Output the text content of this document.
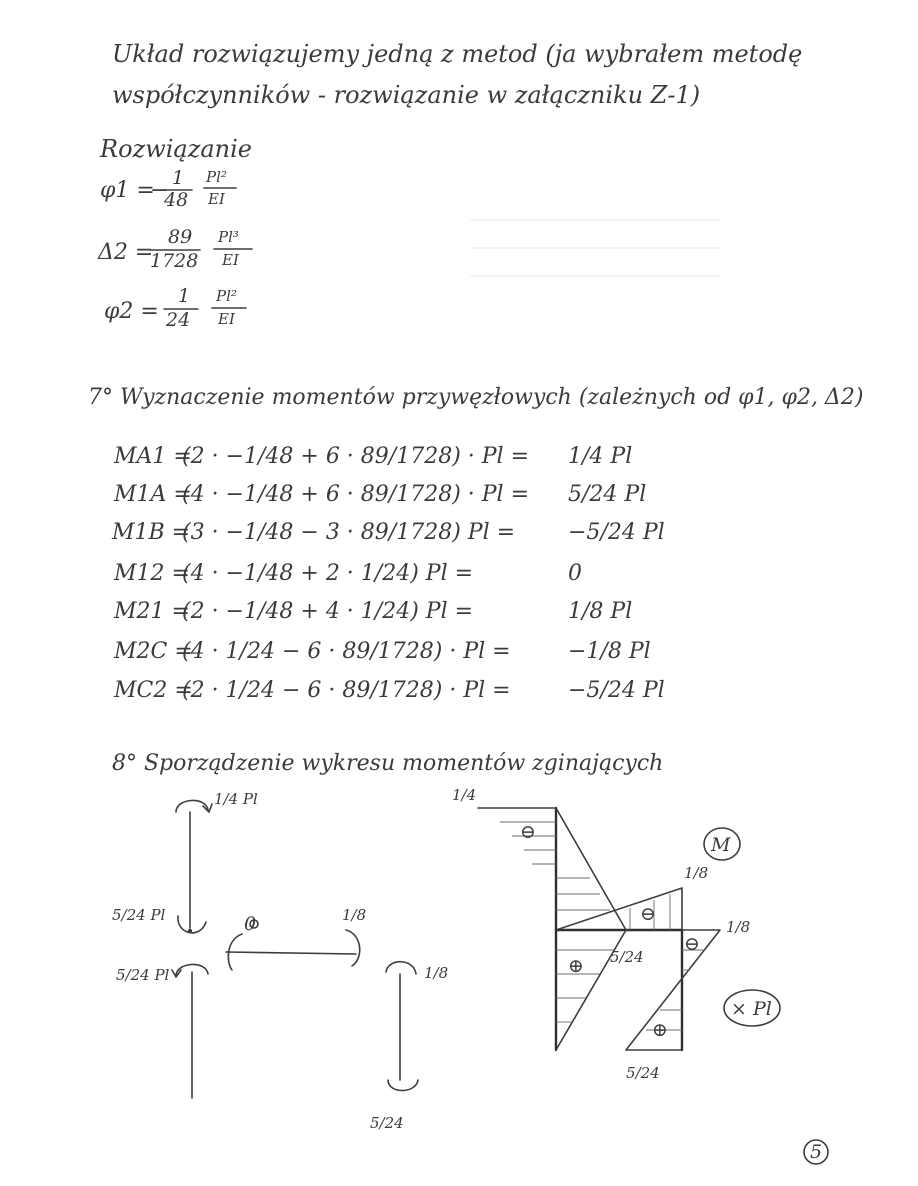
Układ rozwiązujemy jedną z metod (ja wybrałem metodę
współczynników - rozwiązanie w załączniku Z-1)
Rozwiązanie
φ1 =
− 1
48
Pl²
EI
Δ2 =
89
1728
Pl³
EI
φ2 =
1
24
Pl²
EI
7° Wyznaczenie momentów przywęzłowych (zależnych od φ1, φ2, Δ2)
MA1 =
(2 · −1/48 + 6 · 89/1728) · Pl = 1/4 Pl
M1A =
(4 · −1/48 + 6 · 89/1728) · Pl = 5/24 Pl
M1B =
(3 · −1/48 − 3 · 89/1728) Pl = −5/24 Pl
M12 =
(4 · −1/48 + 2 · 1/24) Pl =	0
M21 =
(2 · −1/48 + 4 · 1/24) Pl =	1/8 Pl
M2C =
(4 · 1/24 − 6 · 89/1728) · Pl =	−1/8 Pl
MC2 =
(2 · 1/24 − 6 · 89/1728) · Pl =	−5/24 Pl
8° Sporządzenie wykresu momentów zginających
1/4 Pl
5/24 Pl
5/24 Pl
0	1/8
1/8
5/24
⊖
1/4
⊖
1/8
⊕ 5/24
⊖
⊕
1/8
5/24
M
× Pl
5
